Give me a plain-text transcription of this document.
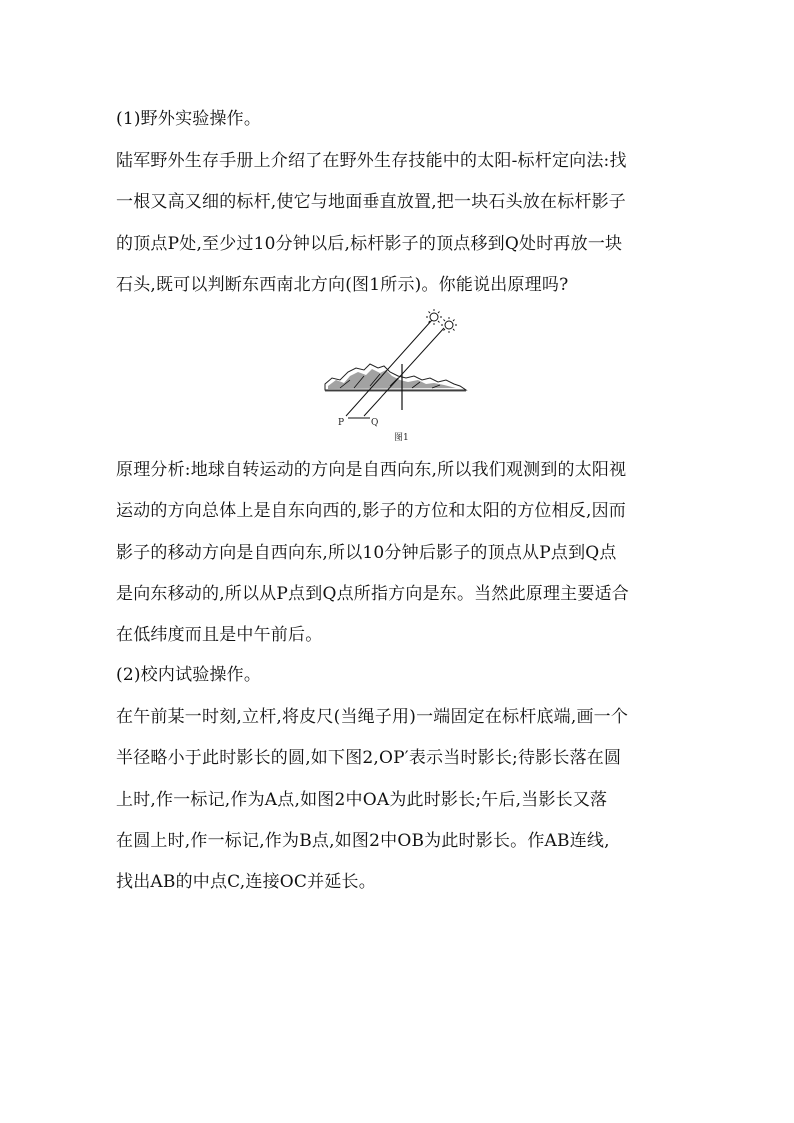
(1)野外实验操作。

陆军野外生存手册上介绍了在野外生存技能中的太阳-标杆定向法:找
一根又高又细的标杆,使它与地面垂直放置,把一块石头放在标杆影子
的顶点P处,至少过10分钟以后,标杆影子的顶点移到Q处时再放一块
石头,既可以判断东西南北方向(图1所示)。你能说出原理吗?

P	Q
图1

原理分析:地球自转运动的方向是自西向东,所以我们观测到的太阳视
运动的方向总体上是自东向西的,影子的方位和太阳的方位相反,因而
影子的移动方向是自西向东,所以10分钟后影子的顶点从P点到Q点
是向东移动的,所以从P点到Q点所指方向是东。当然此原理主要适合
在低纬度而且是中午前后。

(2)校内试验操作。

在午前某一时刻,立杆,将皮尺(当绳子用)一端固定在标杆底端,画一个
半径略小于此时影长的圆,如下图2,OP′表示当时影长;待影长落在圆
上时,作一标记,作为A点,如图2中OA为此时影长;午后,当影长又落
在圆上时,作一标记,作为B点,如图2中OB为此时影长。作AB连线,
找出AB的中点C,连接OC并延长。
